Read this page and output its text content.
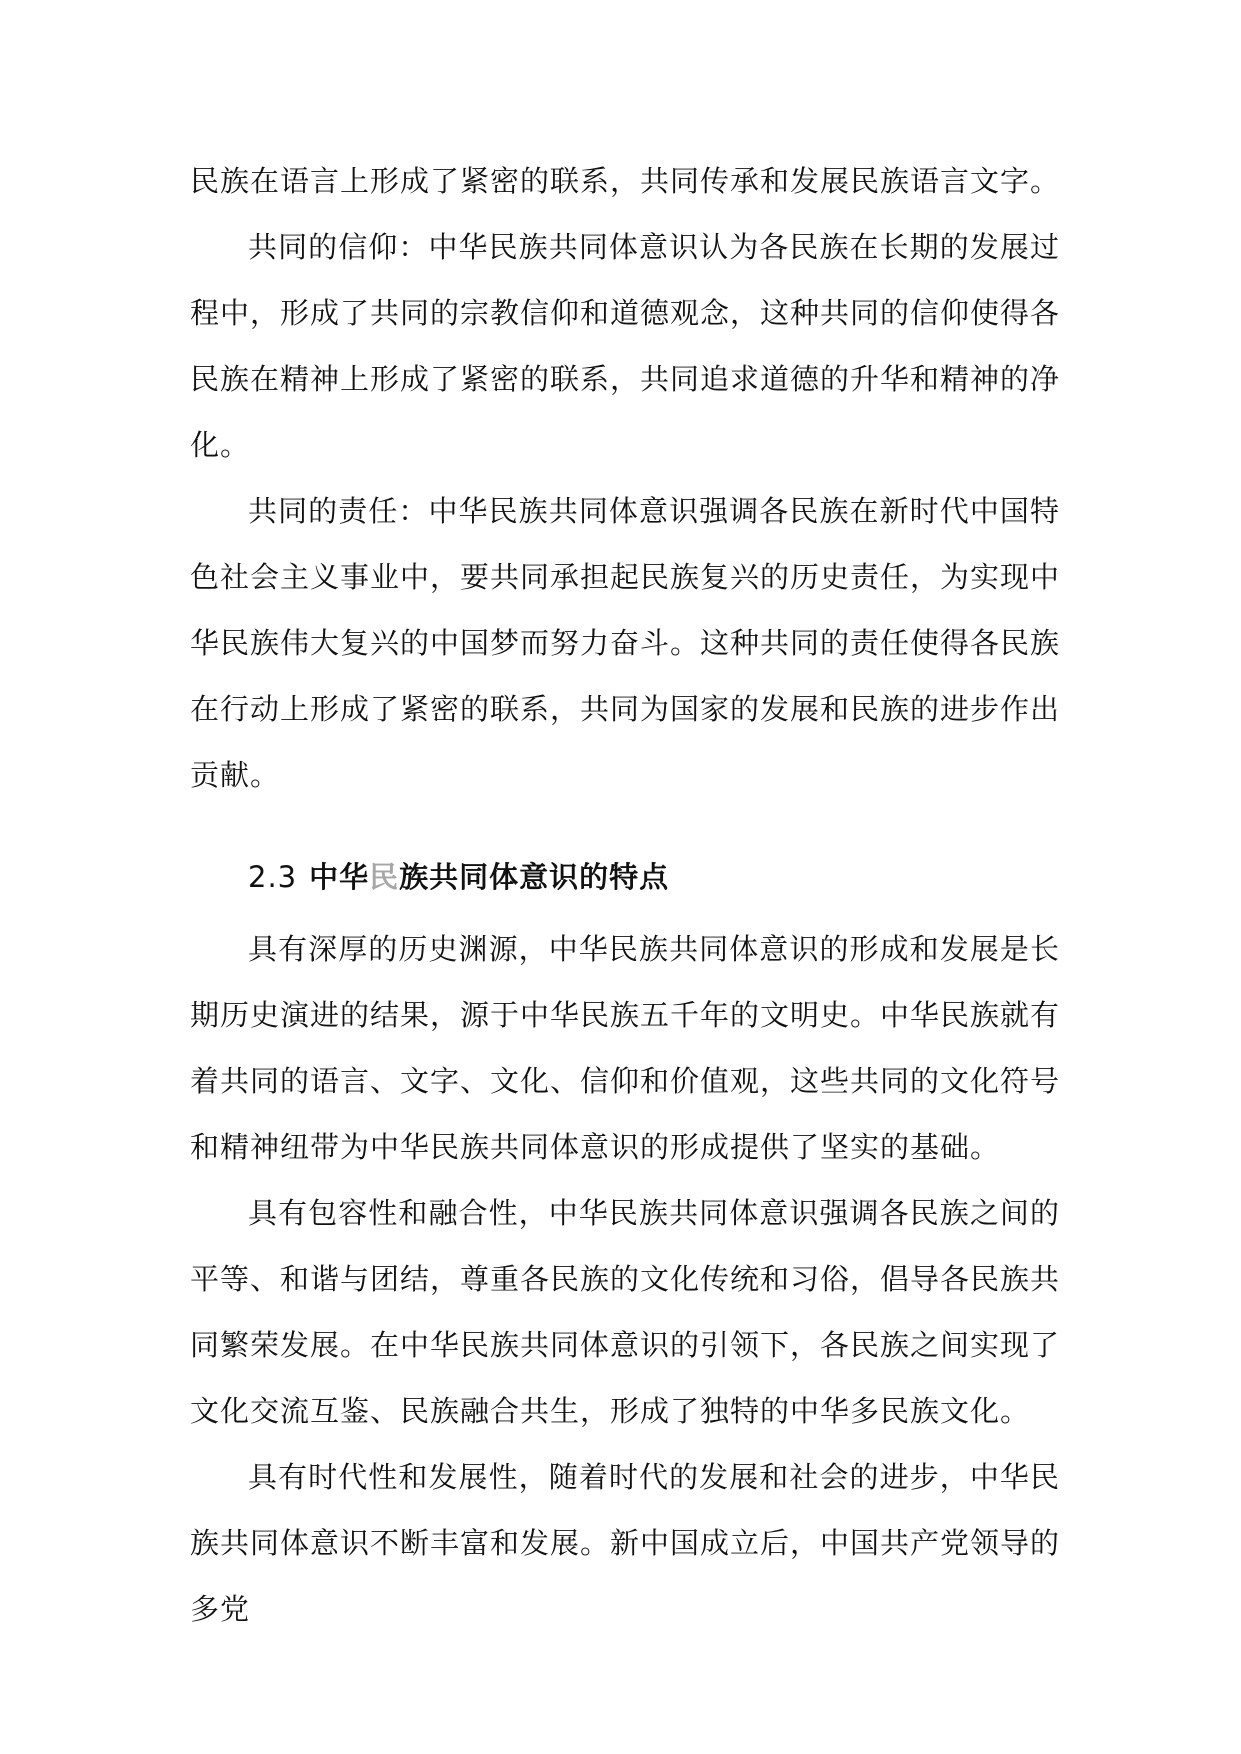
民族在语言上形成了紧密的联系，共同传承和发展民族语言文字。

共同的信仰：中华民族共同体意识认为各民族在长期的发展过程中，形成了共同的宗教信仰和道德观念，这种共同的信仰使得各民族在精神上形成了紧密的联系，共同追求道德的升华和精神的净化。

共同的责任：中华民族共同体意识强调各民族在新时代中国特色社会主义事业中，要共同承担起民族复兴的历史责任，为实现中华民族伟大复兴的中国梦而努力奋斗。这种共同的责任使得各民族在行动上形成了紧密的联系，共同为国家的发展和民族的进步作出贡献。

2.3 中华民族共同体意识的特点

具有深厚的历史渊源，中华民族共同体意识的形成和发展是长期历史演进的结果，源于中华民族五千年的文明史。中华民族就有着共同的语言、文字、文化、信仰和价值观，这些共同的文化符号和精神纽带为中华民族共同体意识的形成提供了坚实的基础。

具有包容性和融合性，中华民族共同体意识强调各民族之间的平等、和谐与团结，尊重各民族的文化传统和习俗，倡导各民族共同繁荣发展。在中华民族共同体意识的引领下，各民族之间实现了文化交流互鉴、民族融合共生，形成了独特的中华多民族文化。

具有时代性和发展性，随着时代的发展和社会的进步，中华民族共同体意识不断丰富和发展。新中国成立后，中国共产党领导的多党
